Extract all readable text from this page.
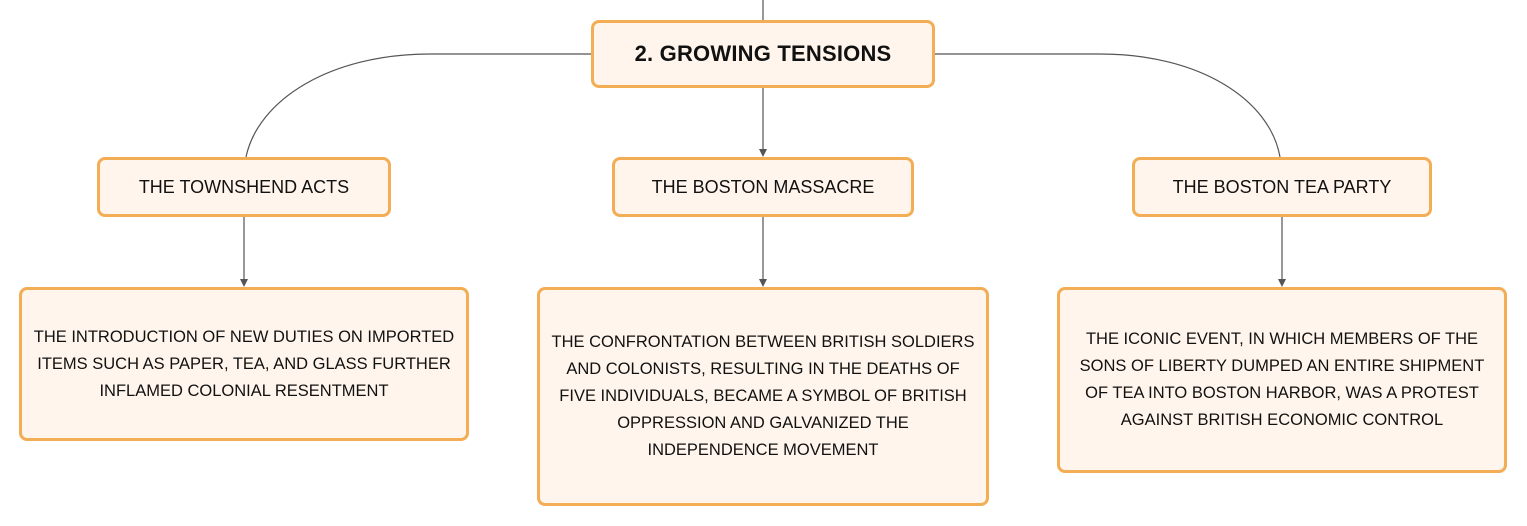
2. GROWING TENSIONS
THE TOWNSHEND ACTS	THE BOSTON MASSACRE	THE BOSTON TEA PARTY
THE INTRODUCTION OF NEW DUTIES ON IMPORTED ITEMS SUCH AS PAPER, TEA, AND GLASS FURTHER INFLAMED COLONIAL RESENTMENT
THE CONFRONTATION BETWEEN BRITISH SOLDIERS AND COLONISTS, RESULTING IN THE DEATHS OF FIVE INDIVIDUALS, BECAME A SYMBOL OF BRITISH OPPRESSION AND GALVANIZED THE INDEPENDENCE MOVEMENT
THE ICONIC EVENT, IN WHICH MEMBERS OF THE SONS OF LIBERTY DUMPED AN ENTIRE SHIPMENT OF TEA INTO BOSTON HARBOR, WAS A PROTEST AGAINST BRITISH ECONOMIC CONTROL
